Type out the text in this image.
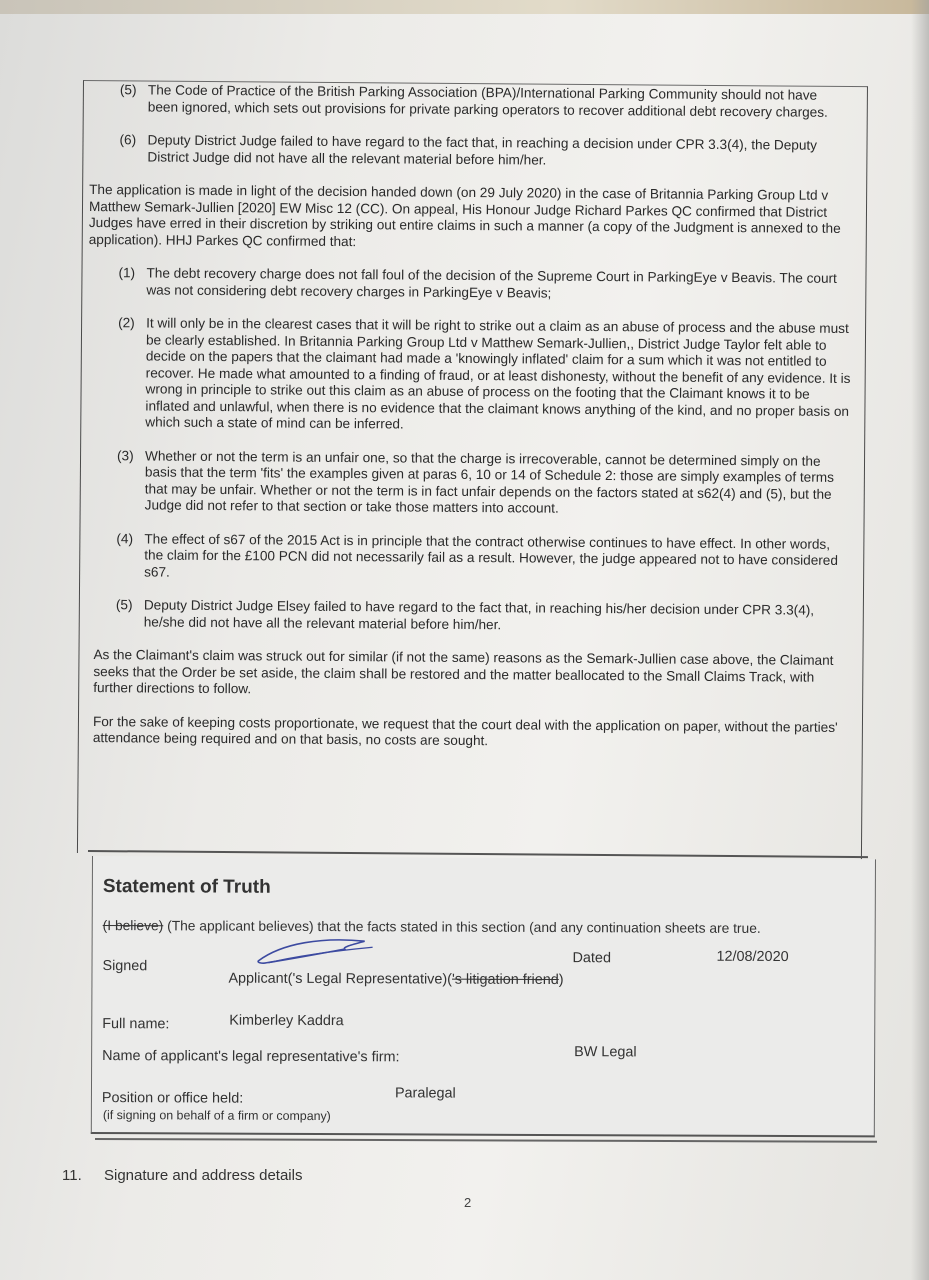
(5) The Code of Practice of the British Parking Association (BPA)/International Parking Community should not have been ignored, which sets out provisions for private parking operators to recover additional debt recovery charges.
(6) Deputy District Judge failed to have regard to the fact that, in reaching a decision under CPR 3.3(4), the Deputy District Judge did not have all the relevant material before him/her.
The application is made in light of the decision handed down (on 29 July 2020) in the case of Britannia Parking Group Ltd v Matthew Semark-Jullien [2020] EW Misc 12 (CC). On appeal, His Honour Judge Richard Parkes QC confirmed that District Judges have erred in their discretion by striking out entire claims in such a manner (a copy of the Judgment is annexed to the application). HHJ Parkes QC confirmed that:
(1) The debt recovery charge does not fall foul of the decision of the Supreme Court in ParkingEye v Beavis. The court was not considering debt recovery charges in ParkingEye v Beavis;
(2) It will only be in the clearest cases that it will be right to strike out a claim as an abuse of process and the abuse must be clearly established. In Britannia Parking Group Ltd v Matthew Semark-Jullien,, District Judge Taylor felt able to decide on the papers that the claimant had made a 'knowingly inflated' claim for a sum which it was not entitled to recover. He made what amounted to a finding of fraud, or at least dishonesty, without the benefit of any evidence. It is wrong in principle to strike out this claim as an abuse of process on the footing that the Claimant knows it to be inflated and unlawful, when there is no evidence that the claimant knows anything of the kind, and no proper basis on which such a state of mind can be inferred.
(3) Whether or not the term is an unfair one, so that the charge is irrecoverable, cannot be determined simply on the basis that the term 'fits' the examples given at paras 6, 10 or 14 of Schedule 2: those are simply examples of terms that may be unfair. Whether or not the term is in fact unfair depends on the factors stated at s62(4) and (5), but the Judge did not refer to that section or take those matters into account.
(4) The effect of s67 of the 2015 Act is in principle that the contract otherwise continues to have effect. In other words, the claim for the £100 PCN did not necessarily fail as a result. However, the judge appeared not to have considered s67.
(5) Deputy District Judge Elsey failed to have regard to the fact that, in reaching his/her decision under CPR 3.3(4), he/she did not have all the relevant material before him/her.
As the Claimant's claim was struck out for similar (if not the same) reasons as the Semark-Jullien case above, the Claimant seeks that the Order be set aside, the claim shall be restored and the matter beallocated to the Small Claims Track, with further directions to follow.
For the sake of keeping costs proportionate, we request that the court deal with the application on paper, without the parties' attendance being required and on that basis, no costs are sought.
Statement of Truth
(I believe) (The applicant believes) that the facts stated in this section (and any continuation sheets are true.
Signed	Dated	12/08/2020
Applicant('s Legal Representative)('s litigation friend)
Full name:	Kimberley Kaddra
Name of applicant's legal representative's firm:	BW Legal
Position or office held:
(if signing on behalf of a firm or company)
Paralegal
11. Signature and address details
2
